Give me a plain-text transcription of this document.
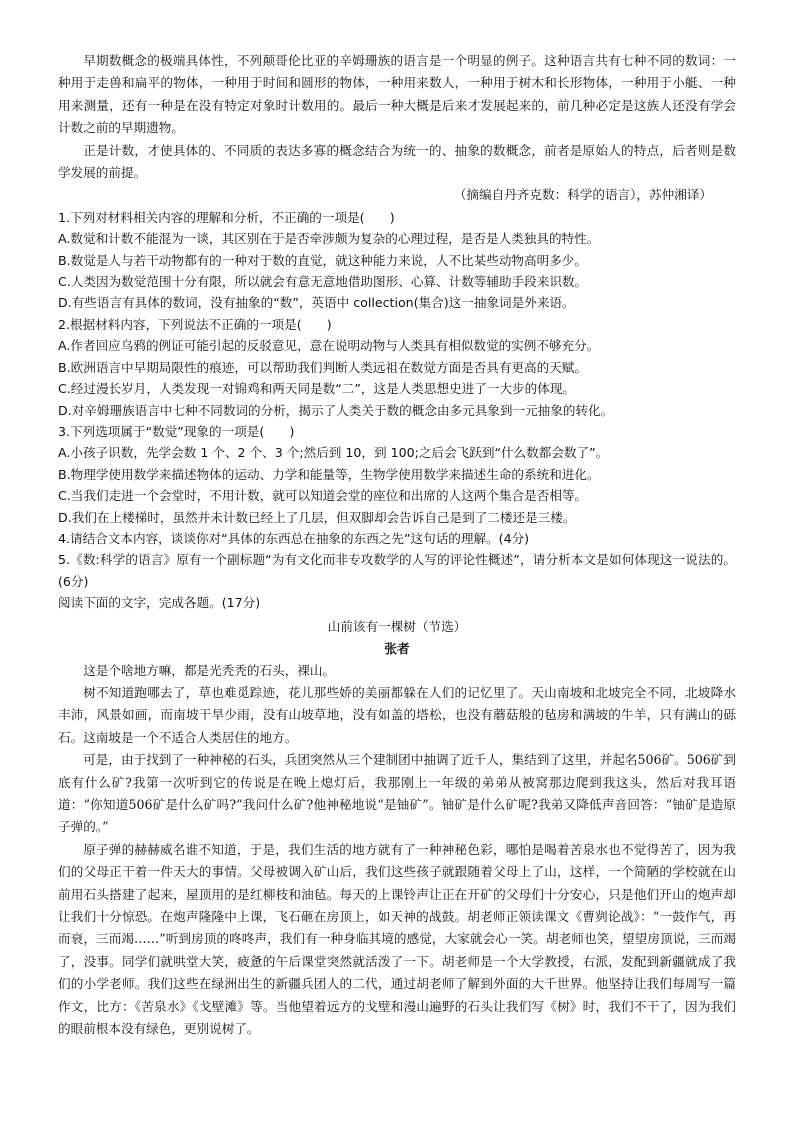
早期数概念的极端具体性，不列颠哥伦比亚的辛姆珊族的语言是一个明显的例子。这种语言共有七种不同的数词：一种用于走兽和扁平的物体，一种用于时间和圆形的物体，一种用来数人，一种用于树木和长形物体，一种用于小艇、一种用来测量，还有一种是在没有特定对象时计数用的。最后一种大概是后来才发展起来的，前几种必定是这族人还没有学会计数之前的早期遗物。

正是计数，才使具体的、不同质的表达多寡的概念结合为统一的、抽象的数概念，前者是原始人的特点，后者则是数学发展的前提。

（摘编自丹齐克数：科学的语言），苏仲湘译）

1.下列对材料相关内容的理解和分析，不正确的一项是(　　)

A.数觉和计数不能混为一谈，其区别在于是否牵涉颇为复杂的心理过程，是否是人类独具的特性。

B.数觉是人与若干动物都有的一种对于数的直觉，就这种能力来说，人不比某些动物高明多少。

C.人类因为数觉范围十分有限，所以就会有意无意地借助图形、心算、计数等辅助手段来识数。

D.有些语言有具体的数词，没有抽象的“数”，英语中 collection(集合)这一抽象词是外来语。

2.根据材料内容，下列说法不正确的一项是(　　)

A.作者回应乌鸦的例证可能引起的反驳意见，意在说明动物与人类具有相似数觉的实例不够充分。

B.欧洲语言中早期局限性的痕迹，可以帮助我们判断人类远祖在数觉方面是否具有更高的天赋。

C.经过漫长岁月，人类发现一对锦鸡和两天同是数“二”，这是人类思想史进了一大步的体现。

D.对辛姆珊族语言中七种不同数词的分析，揭示了人类关于数的概念由多元具象到一元抽象的转化。

3.下列选项属于“数觉”现象的一项是(　　)

A.小孩子识数，先学会数 1 个、2 个、3 个;然后到 10，到 100;之后会飞跃到“什么数都会数了”。

B.物理学使用数学来描述物体的运动、力学和能量等，生物学使用数学来描述生命的系统和进化。

C.当我们走进一个会堂时，不用计数，就可以知道会堂的座位和出席的人这两个集合是否相等。

D.我们在上楼梯时，虽然并未计数已经上了几层，但双脚却会告诉自己是到了二楼还是三楼。

4.请结合文本内容，谈谈你对“具体的东西总在抽象的东西之先”这句话的理解。(4分)

5.《数:科学的语言》原有一个副标题“为有文化而非专攻数学的人写的评论性概述”，请分析本文是如何体现这一说法的。(6分)

阅读下面的文字，完成各题。(17分)

山前该有一棵树（节选）

张者

这是个啥地方嘛，都是光秃秃的石头，裸山。

树不知道跑哪去了，草也难觅踪迹，花儿那些娇的美丽都躲在人们的记忆里了。天山南坡和北坡完全不同，北坡降水丰沛，风景如画，而南坡干旱少雨，没有山坡草地，没有如盖的塔松，也没有蘑菇般的毡房和满坡的牛羊，只有满山的砾石。这南坡是一个不适合人类居住的地方。

可是，由于找到了一种神秘的石头，兵团突然从三个建制团中抽调了近千人，集结到了这里，并起名506矿。506矿到底有什么矿?我第一次听到它的传说是在晚上熄灯后，我那刚上一年级的弟弟从被窝那边爬到我这头，然后对我耳语道：“你知道506矿是什么矿吗?”我问什么矿?他神秘地说“是铀矿”。铀矿是什么矿呢?我弟又降低声音回答：“铀矿是造原子弹的。”

原子弹的赫赫威名谁不知道，于是，我们生活的地方就有了一种神秘色彩，哪怕是喝着苦泉水也不觉得苦了，因为我们的父母正干着一件天大的事情。父母被调入矿山后，我们这些孩子就跟随着父母上了山，这样，一个简陋的学校就在山前用石头搭建了起来，屋顶用的是红柳枝和油毡。每天的上课铃声让正在开矿的父母们十分安心，只是他们开山的炮声却让我们十分惊恐。在炮声隆隆中上课，飞石砸在房顶上，如天神的战鼓。胡老师正领读课文《曹刿论战》：“一鼓作气，再而衰，三而竭……”听到房顶的咚咚声，我们有一种身临其境的感觉，大家就会心一笑。胡老师也笑，望望房顶说，三而竭了，没事。同学们就哄堂大笑，疲惫的午后课堂突然就活泼了一下。胡老师是一个大学教授，右派，发配到新疆就成了我们的小学老师。我们这些在绿洲出生的新疆兵团人的二代，通过胡老师了解到外面的大千世界。他坚持让我们每周写一篇作文，比方：《苦泉水》《戈壁滩》等。当他望着远方的戈壁和漫山遍野的石头让我们写《树》时，我们不干了，因为我们的眼前根本没有绿色，更别说树了。
